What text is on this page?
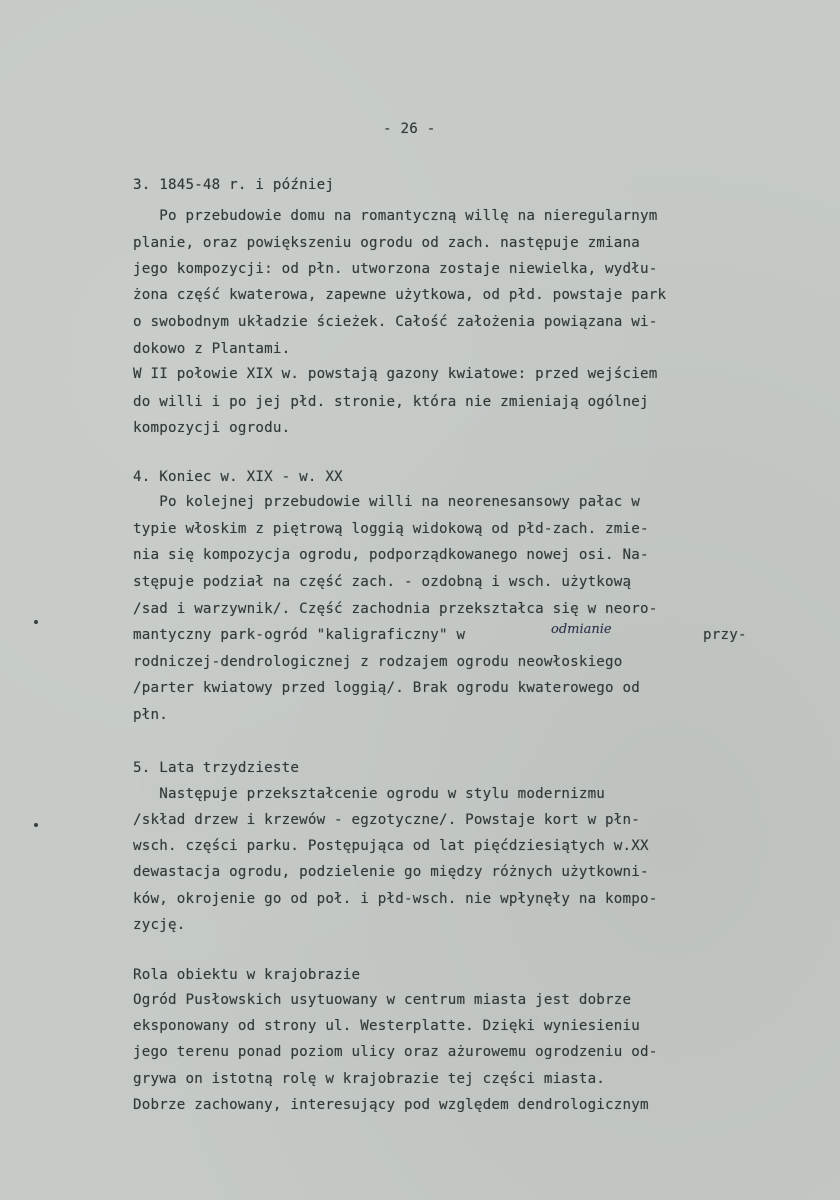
- 26 -
3. 1845-48 r. i później
Po przebudowie domu na romantyczną willę na nieregularnym
planie, oraz powiększeniu ogrodu od zach. następuje zmiana
jego kompozycji: od płn. utworzona zostaje niewielka, wydłu-
żona część kwaterowa, zapewne użytkowa, od płd. powstaje park
o swobodnym układzie ścieżek. Całość założenia powiązana wi-
dokowo z Plantami.
W II połowie XIX w. powstają gazony kwiatowe: przed wejściem
do willi i po jej płd. stronie, która nie zmieniają ogólnej
kompozycji ogrodu.
4. Koniec w. XIX - w. XX
Po kolejnej przebudowie willi na neorenesansowy pałac w
typie włoskim z piętrową loggią widokową od płd-zach. zmie-
nia się kompozycja ogrodu, podporządkowanego nowej osi. Na-
stępuje podział na część zach. - ozdobną i wsch. użytkową
/sad i warzywnik/. Część zachodnia przekształca się w neoro-
mantyczny park-ogród "kaligraficzny" w	odmianie	przy-
rodniczej-dendrologicznej z rodzajem ogrodu neowłoskiego
/parter kwiatowy przed loggią/. Brak ogrodu kwaterowego od
płn.
5. Lata trzydzieste
Następuje przekształcenie ogrodu w stylu modernizmu
/skład drzew i krzewów - egzotyczne/. Powstaje kort w płn-
wsch. części parku. Postępująca od lat pięćdziesiątych w.XX
dewastacja ogrodu, podzielenie go między różnych użytkowni-
ków, okrojenie go od poł. i płd-wsch. nie wpłynęły na kompo-
zycję.
Rola obiektu w krajobrazie
Ogród Pusłowskich usytuowany w centrum miasta jest dobrze
eksponowany od strony ul. Westerplatte. Dzięki wyniesieniu
jego terenu ponad poziom ulicy oraz ażurowemu ogrodzeniu od-
grywa on istotną rolę w krajobrazie tej części miasta.
Dobrze zachowany, interesujący pod względem dendrologicznym
